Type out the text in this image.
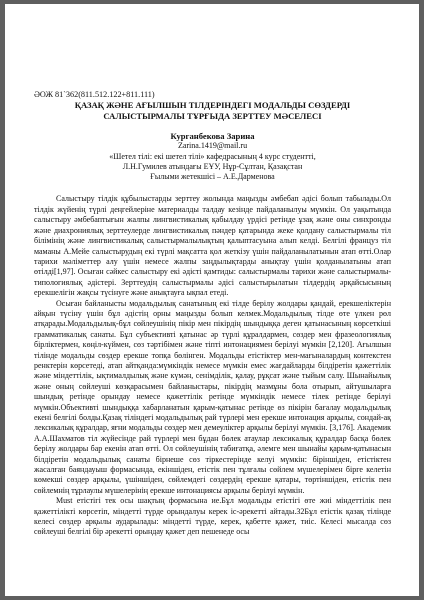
ӘОЖ 81`362(811.512.122+811.111)
ҚАЗАҚ ЖӘНЕ АҒЫЛШЫН ТІЛДЕРІНДЕГІ МОДАЛЬДЫ СӨЗДЕРДІ
САЛЫСТЫРМАЛЫ ТҰРҒЫДА ЗЕРТТЕУ МӘСЕЛЕСІ
Курганбекова Зарина
Zarina.1419@mail.ru
«Шетел тілі: екі шетел тілі» кафедрасының 4 курс студенттi,
Л.Н.Гумилев атындағы ЕҰУ, Нұр-Сұлтан, Қазақстан
Ғылыми жетекшісі – А.Е.Дарменова

Салыстыру тілдік құбылыстарды зерттеу жолында маңызды әмбебап әдісі болып табылады.Ол тілдік жүйенің түрлі деңгейлеріне материалды талдау кезінде пайдаланылуы мүмкін. Ол уақытында салыстыру әмбебаптығын жалпы лингвистикалық қабылдау үрдісі ретінде ұзақ және оны синхронды және диахрониялық зерттеулерде лингвистикалық пәндер қатарында жеке қолдану салыстырмалы тіл білімінің және лингвистикалық салыстырмалылықтың қалыптасуына алып келді. Белгілі француз тіл маманы А.Мейе салыстырудың екі түрлі мақсатта қол жеткізу үшін пайдаланылатынын атап өтті.Олар тарихи мәліметтер алу үшін немесе жалпы заңдылықтарды анықтау үшін қолданылатыны атап өтілді[1,97]. Осыған сәйкес салыстыру екі әдісті қамтиды: салыстырмалы тарихи және салыстырмалы-типологиялық әдістері. Зерттеудің салыстырмалы әдісі салыстырылатын тілдердің әрқайсысының ерекшелігін жақсы түсінуге және анықтауға ықпал етеді.

Осыған байланысты модальдылық санатының екі тілде берілу жолдары қандай, ерекшеліктерін айқын түсіну үшін бұл әдістің орны маңызды болып келмек.Модальдылық тілде өте үлкен рөл атқарады.Модальдылық-бұл сөйлеушінің пікір мен пікірдің шындыққа деген қатынасының көрсеткіші грамматикалық санаты. Бұл субъективті қатынас әр түрлі құралдармен, сөздер мен фразеологиялық бірліктермен, көңіл-күймен, сөз тәртібімен және тіпті интонациямен берілуі мүмкін [2,120]. Ағылшын тілінде модальды сөздер ерекше топқа бөлінген. Модальды етістіктер мен-мағыналардың контекстен ренктерін көрсетеді, атап айтқанда:мүмкіндік немесе мүмкін емес жағдайларды білдіретін қажеттілік және міндеттілік, ықтималдылық және күмән, сенімділік, қалау, рұқсат және тыйым салу. Шынайылық және оның сөйлеуші көзқарасымен байланыстары, пікірдің мазмұны бола отырып, айтушыларға шындық ретінде орындау немесе қажеттілік ретінде мүмкіндік немесе тілек ретінде берілуі мүмкін.Объективті шындыққа хабарланатын қарым-қатынас ретінде өз пікірін бағалау модальдылық екені белгілі болды.Қазақ тіліндегі модальдылық рай түрлері мен ерекше интонация арқылы, сондай-ақ лексикалық құралдар, яғни модальды сөздер мен демеуліктер арқылы берілуі мүмкін. [3,176]. Академик А.А.Шахматов тіл жүйесінде рай түрлері мен бұдан бөлек атаулар лексикалық құралдар басқа бөлек берілу жолдары бар екенін атап өтті. Ол сөйлеушінің табиғатқа, әлемге мен шынайы қарым-қатынасын білдіретін модальдылық санаты бірнеше сөз тіркестерінде келуі мүмкін: біріншіден, етістіктен жасалған баяндауыш формасында, екіншіден, етістік пен тұлғалы сөйлем мүшелерімен бірге келетін көмекші сөздер арқылы, үшіншіден, сөйлемдегі сөздердің ерекше қатары, төртіншіден, етістік пен сөйлемнің тұрлаулы мүшелерінің ерекше интонациясы арқылы берілуі мүмкін.

Must етістігі тек осы шақтың формасына ие.Бұл модальды етістігі өте жиі міндеттілік пен қажеттілікті көрсетіп, міндетті түрде орындалуы керек іс-әрекетті айтады.32Бұл етістік қазақ тілінде келесі сөздер арқылы аударылады: міндетті түрде, керек, қабетте қажет, тиіс. Келесі мысалда сөз сөйлеуші белгілі бір әрекетті орындау қажет деп пешенеде осы
